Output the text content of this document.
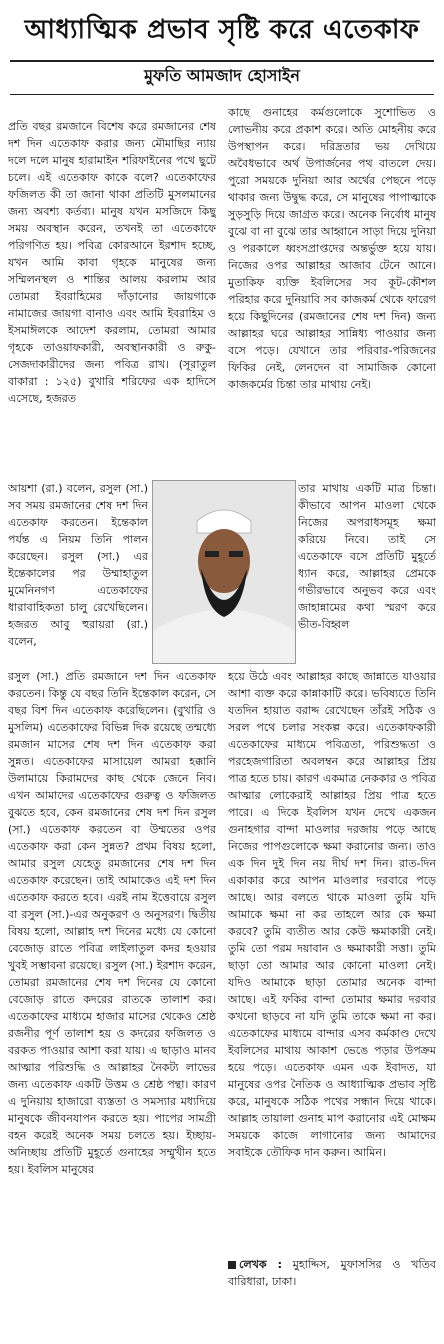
আধ্যাত্মিক প্রভাব সৃষ্টি করে এতেকাফ
মুফতি আমজাদ হোসাইন

প্রতি বছর রমজানে বিশেষ করে রমজানের শেষ দশ দিন এতেকাফ করার জন্য মৌমাছির ন্যায় দলে দলে মানুষ হারামাইন শরিফাইনের পথে ছুটে চলে। এই এতেকাফ কাকে বলে? এতেকাফের ফজিলত কী তা জানা থাকা প্রতিটি মুসলমানের জন্য অবশ্য কর্তব্য। মানুষ যখন মসজিদে কিছু সময় অবস্থান করেন, তখনই তা এতেকাফে পরিগণিত হয়। পবিত্র কোরআনে ইরশাদ হচ্ছে, যখন আমি কাবা গৃহকে মানুষের জন্য সম্মিলনস্থল ও শান্তির আলয় করলাম আর তোমরা ইবরাহিমের দাঁড়ানোর জায়গাকে নামাজের জায়গা বানাও এবং আমি ইবরাহিম ও ইসমাঈলকে আদেশ করলাম, তোমরা আমার গৃহকে তাওয়াফকারী, অবস্থানকারী ও রুকু-সেজদাকারীদের জন্য পবিত্র রাখ। (সূরাতুল বাকারা : ১২৫) বুখারি শরিফের এক হাদিসে এসেছে, হজরত

কাছে গুনাহের কর্মগুলোকে সুশোভিত ও লোভনীয় করে প্রকাশ করে। অতি মোহনীয় করে উপস্থাপন করে। দরিদ্রতার ভয় দেখিয়ে অবৈধভাবে অর্থ উপার্জনের পথ বাতলে দেয়। পুরো সময়কে দুনিয়া আর অর্থের পেছনে পড়ে থাকার জন্য উদ্বুদ্ধ করে, সে মানুষের পাপাত্মাকে সুড়সুড়ি দিয়ে জাগ্রত করে। অনেক নির্বোধ মানুষ বুঝে বা না বুঝে তার আহ্বানে সাড়া দিয়ে দুনিয়া ও পরকালে ধ্বংসপ্রাপ্তদের অন্তর্ভুক্ত হয়ে যায়। নিজের ওপর আল্লাহর আজাব টেনে আনে। মুতাকিফ ব্যক্তি ইবলিসের সব কূট-কৌশল পরিহার করে দুনিয়াবি সব কাজকর্ম থেকে ফারেগ হয়ে কিছুদিনের (রমজানের শেষ দশ দিন) জন্য আল্লাহর ঘরে আল্লাহর সান্নিধ্য পাওয়ার জন্য বসে পড়ে। যেখানে তার পরিবার-পরিজনের ফিকির নেই, লেনদেন বা সামাজিক কোনো কাজকর্মের চিন্তা তার মাথায় নেই।

আয়শা (রা.) বলেন, রসুল (সা.) সব সময় রমজানের শেষ দশ দিন এতেকাফ করতেন। ইন্তেকাল পর্যন্ত এ নিয়ম তিনি পালন করেছেন। রসুল (সা.) এর ইন্তেকালের পর উম্মাহাতুল মুমেনিনগণ এতেকাফের ধারাবাহিকতা চালু রেখেছিলেন। হজরত আবু হুরায়রা (রা.) বলেন,

তার মাথায় একটি মাত্র চিন্তা। কীভাবে আপন মাওলা থেকে নিজের অপরাধসমূহ ক্ষমা করিয়ে নিবে। তাই সে এতেকাফে বসে প্রতিটি মুহূর্তে ধ্যান করে, আল্লাহর প্রেমকে গভীরভাবে অনুভব করে এবং জাহান্নামের কথা স্মরণ করে ভীত-বিহ্বল

রসুল (সা.) প্রতি রমজানে দশ দিন এতেকাফ করতেন। কিন্তু যে বছর তিনি ইন্তেকাল করেন, সে বছর বিশ দিন এতেকাফ করেছিলেন। (বুখারি ও মুসলিম) এতেকাফের বিভিন্ন দিক রয়েছে তন্মধ্যে রমজান মাসের শেষ দশ দিন এতেকাফ করা সুন্নত। এতেকাফের মাসায়েল আমরা হক্কানি উলামায়ে কিরামদের কাছ থেকে জেনে নিব। এখন আমাদের এতেকাফের গুরুত্ব ও ফজিলত বুঝতে হবে, কেন রমজানের শেষ দশ দিন রসুল (সা.) এতেকাফ করতেন বা উম্মতের ওপর এতেকাফ করা কেন সুন্নত? প্রথম বিষয় হলো, আমার রসুল যেহেতু রমজানের শেষ দশ দিন এতেকাফ করেছেন। তাই আমাকেও এই দশ দিন এতেকাফ করতে হবে। এরই নাম ইত্তেবায়ে রসুল বা রসুল (সা.)-এর অনুকরণ ও অনুসরণ। দ্বিতীয় বিষয় হলো, আল্লাহ দশ দিনের মধ্যে যে কোনো বেজোড় রাতে পবিত্র লাইলাতুল কদর হওয়ার খুবই সম্ভাবনা রয়েছে। রসুল (সা.) ইরশাদ করেন, তোমরা রমজানের শেষ দশ দিনের যে কোনো বেজোড় রাতে কদরের রাতকে তালাশ কর। এতেকাফের মাধ্যমে হাজার মাসের থেকেও শ্রেষ্ঠ রজনীর পূর্ণ তালাশ হয় ও কদরের ফজিলত ও বরকত পাওয়ার আশা করা যায়। এ ছাড়াও মানব আত্মার পরিশুদ্ধি ও আল্লাহর নৈকট্য লাভের জন্য এতেকাফ একটি উত্তম ও শ্রেষ্ঠ পন্থা। কারণ এ দুনিয়ায় হাজারো ব্যস্ততা ও সমস্যার মধ্যদিয়ে মানুষকে জীবনযাপন করতে হয়। পাপের সামগ্রী বহন করেই অনেক সময় চলতে হয়। ইচ্ছায়-অনিচ্ছায় প্রতিটি মুহূর্তে গুনাহের সম্মুখীন হতে হয়। ইবলিস মানুষের

হয়ে উঠে এবং আল্লাহর কাছে জান্নাতে যাওয়ার আশা ব্যক্ত করে কান্নাকাটি করে। ভবিষ্যতে তিনি যতদিন হায়াত বরাদ্দ রেখেছেন তাঁরই সঠিক ও সরল পথে চলার সংকল্প করে। এতেকাফকারী এতেকাফের মাধ্যমে পবিত্রতা, পরিশুদ্ধতা ও পরহেজগারিতা অবলম্বন করে আল্লাহর প্রিয় পাত্র হতে চায়। কারণ একমাত্র নেককার ও পবিত্র আত্মার লোকেরাই আল্লাহর প্রিয় পাত্র হতে পারে। এ দিকে ইবলিস যখন দেখে একজন গুনাহগার বান্দা মাওলার দরজায় পড়ে আছে নিজের পাপগুলোকে ক্ষমা করানোর জন্য। তাও এক দিন দুই দিন নয় দীর্ঘ দশ দিন। রাত-দিন একাকার করে আপন মাওলার দরবারে পড়ে আছে। আর বলতে থাকে মাওলা তুমি যদি আমাকে ক্ষমা না কর তাহলে আর কে ক্ষমা করবে? তুমি ব্যতীত আর কেউ ক্ষমাকারী নেই। তুমি তো পরম দয়াবান ও ক্ষমাকারী সত্তা। তুমি ছাড়া তো আমার আর কোনো মাওলা নেই। যদিও আমাকে ছাড়া তোমার অনেক বান্দা আছে। এই ফকির বান্দা তোমার ক্ষমার দরবার কখনো ছাড়বে না যদি তুমি তাকে ক্ষমা না কর। এতেকাফের মাধ্যমে বান্দার এসব কর্মকাণ্ড দেখে ইবলিসের মাথায় আকাশ ভেঙে পড়ার উপক্রম হয়ে পড়ে। এতেকাফ এমন এক ইবাদত, যা মানুষের ওপর নৈতিক ও আধ্যাত্মিক প্রভাব সৃষ্টি করে, মানুষকে সঠিক পথের সন্ধান দিয়ে থাকে। আল্লাহ তায়ালা গুনাহ মাপ করানোর এই মোক্ষম সময়কে কাজে লাগানোর জন্য আমাদের সবাইকে তৌফিক দান করুন। আমিন।

লেখক : মুহাদ্দিস, মুফাসসির ও খতিব বারিধারা, ঢাকা।
